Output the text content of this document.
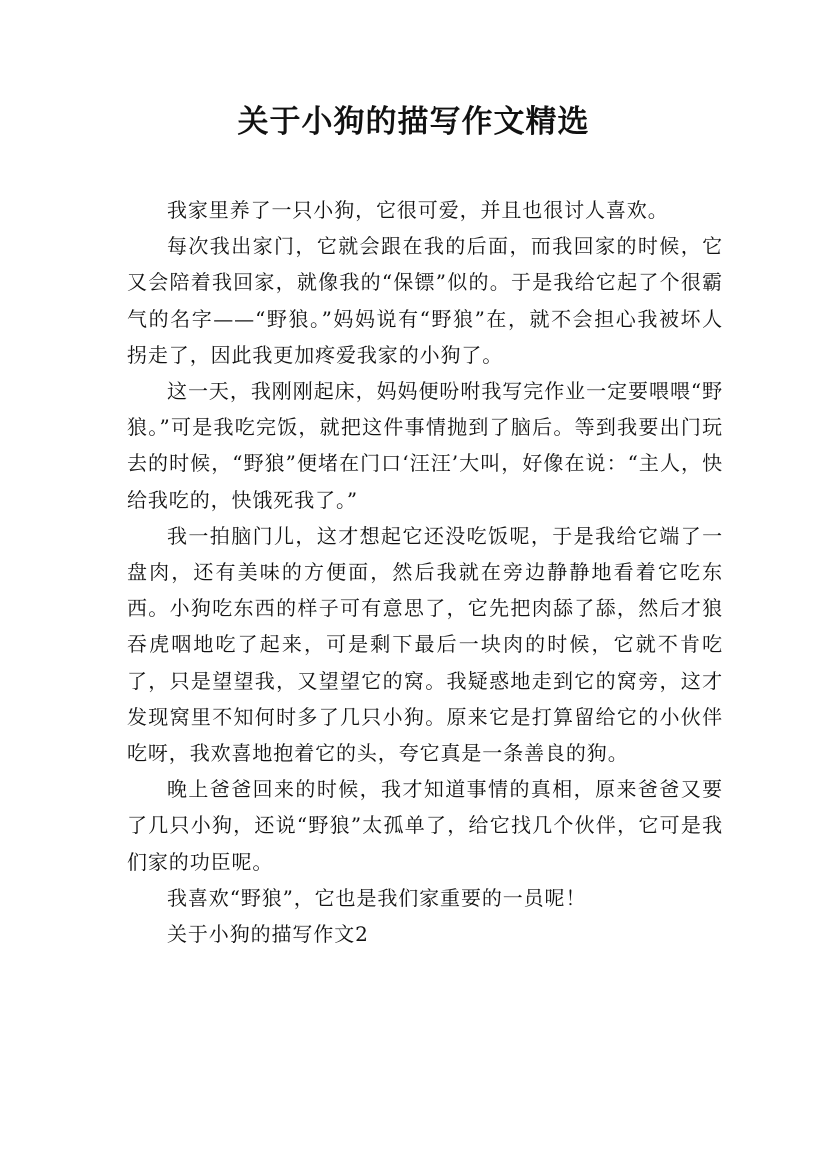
关于小狗的描写作文精选

我家里养了一只小狗，它很可爱，并且也很讨人喜欢。

每次我出家门，它就会跟在我的后面，而我回家的时候，它又会陪着我回家，就像我的“保镖”似的。于是我给它起了个很霸气的名字——“野狼。”妈妈说有“野狼”在，就不会担心我被坏人拐走了，因此我更加疼爱我家的小狗了。

这一天，我刚刚起床，妈妈便吩咐我写完作业一定要喂喂“野狼。”可是我吃完饭，就把这件事情抛到了脑后。等到我要出门玩去的时候，“野狼”便堵在门口‘汪汪’大叫，好像在说：“主人，快给我吃的，快饿死我了。”

我一拍脑门儿，这才想起它还没吃饭呢，于是我给它端了一盘肉，还有美味的方便面，然后我就在旁边静静地看着它吃东西。小狗吃东西的样子可有意思了，它先把肉舔了舔，然后才狼吞虎咽地吃了起来，可是剩下最后一块肉的时候，它就不肯吃了，只是望望我，又望望它的窝。我疑惑地走到它的窝旁，这才发现窝里不知何时多了几只小狗。原来它是打算留给它的小伙伴吃呀，我欢喜地抱着它的头，夸它真是一条善良的狗。

晚上爸爸回来的时候，我才知道事情的真相，原来爸爸又要了几只小狗，还说“野狼”太孤单了，给它找几个伙伴，它可是我们家的功臣呢。

我喜欢“野狼”，它也是我们家重要的一员呢！

关于小狗的描写作文2
